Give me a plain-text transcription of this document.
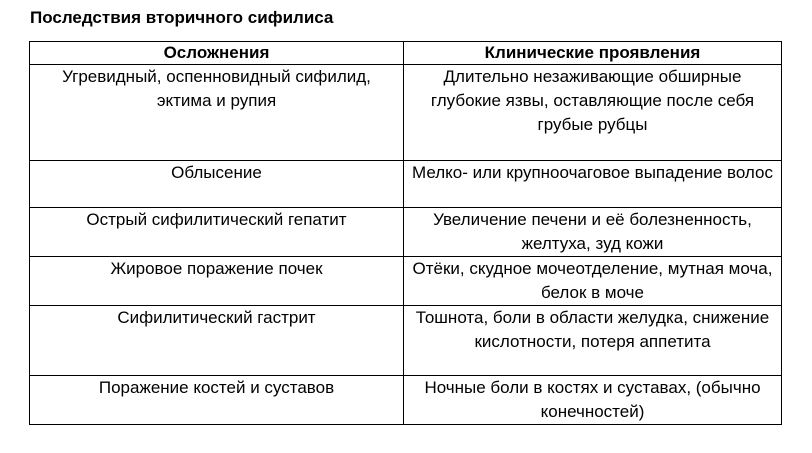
Последствия вторичного сифилиса
Осложнения	Клинические проявления
Угревидный, оспенновидный сифилид, эктима и рупия	Длительно незаживающие обширные глубокие язвы, оставляющие после себя грубые рубцы
Облысение	Мелко- или крупноочаговое выпадение волос
Острый сифилитический гепатит	Увеличение печени и её болезненность, желтуха, зуд кожи
Жировое поражение почек	Отёки, скудное мочеотделение, мутная моча, белок в моче
Сифилитический гастрит	Тошнота, боли в области желудка, снижение кислотности, потеря аппетита
Поражение костей и суставов	Ночные боли в костях и суставах, (обычно конечностей)
